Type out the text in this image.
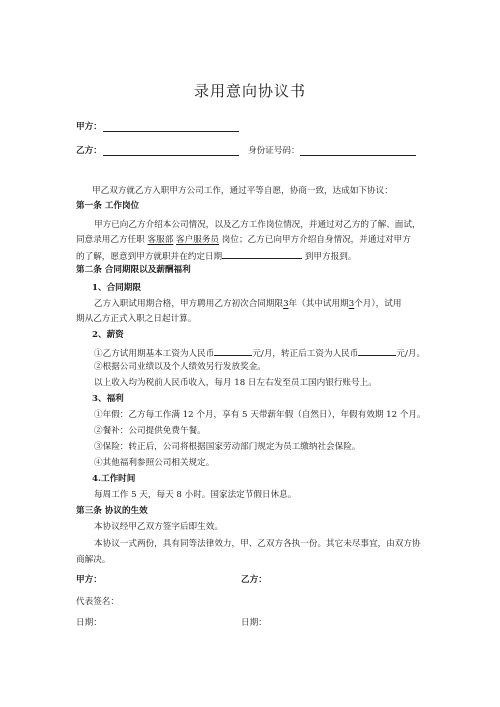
录用意向协议书
甲方：
乙方：	身份证号码：
甲乙双方就乙方入职甲方公司工作，通过平等自愿，协商一致，达成如下协议：
第一条 工作岗位
甲方已向乙方介绍本公司情况，以及乙方工作岗位情况，并通过对乙方的了解、面试，
同意录用乙方任职 客服部 客户服务员 岗位；乙方已向甲方介绍自身情况，并通过对甲方
的了解，愿意到甲方就职并在约定日期	到甲方报到。
第二条 合同期限以及薪酬福利
1、合同期限
乙方入职试用期合格，甲方聘用乙方初次合同期限3年（其中试用期3个月），试用
期从乙方正式入职之日起计算。
2、薪资
①乙方试用期基本工资为人民币	元/月，转正后工资为人民币	元/月。
②根据公司业绩以及个人绩效另行发放奖金。
以上收入均为税前人民币收入，每月 18 日左右发至员工国内银行账号上。
3、福利
①年假：乙方每工作满 12 个月，享有 5 天带薪年假（自然日），年假有效期 12 个月。
②餐补：公司提供免费午餐。
③保险：转正后，公司将根据国家劳动部门规定为员工缴纳社会保险。
④其他福利参照公司相关规定。
4.工作时间
每周工作 5 天，每天 8 小时。国家法定节假日休息。
第三条 协议的生效
本协议经甲乙双方签字后即生效。
本协议一式两份，具有同等法律效力，甲、乙双方各执一份。其它未尽事宜，由双方协
商解决。
甲方：	乙方：
代表签名：
日期：	日期：
